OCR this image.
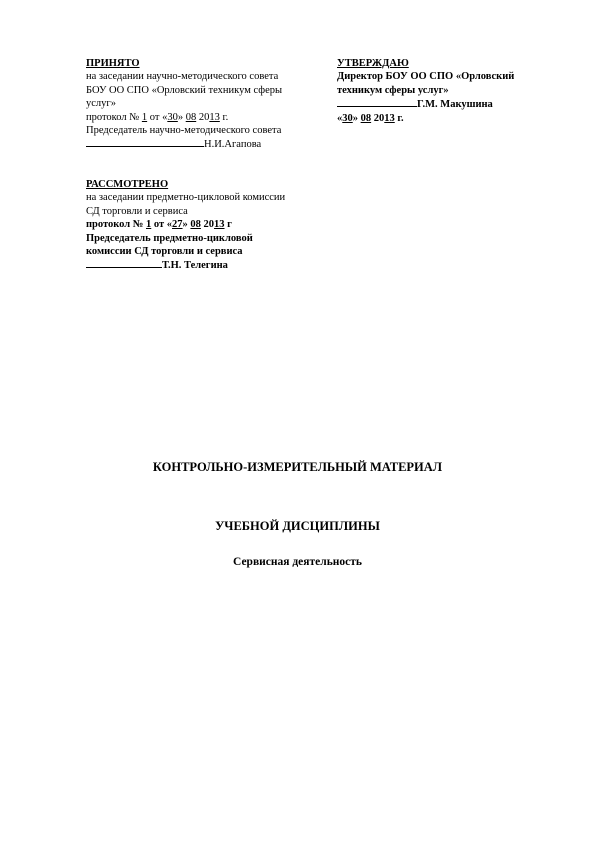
ПРИНЯТО
на заседании научно-методического совета
БОУ ОО СПО «Орловский техникум сферы
услуг»
протокол № 1 от «30» 08 2013 г.
Председатель научно-методического совета
Н.И.Агапова
УТВЕРЖДАЮ
Директор БОУ ОО СПО «Орловский
техникум сферы услуг»
Г.М. Макушина
«30» 08 2013 г.
РАССМОТРЕНО
на заседании предметно-цикловой комиссии
СД торговли и сервиса
протокол № 1 от «27» 08 2013 г
Председатель предметно-цикловой
комиссии СД торговли и сервиса
Т.Н. Телегина
КОНТРОЛЬНО-ИЗМЕРИТЕЛЬНЫЙ МАТЕРИАЛ
УЧЕБНОЙ ДИСЦИПЛИНЫ
Сервисная деятельность
